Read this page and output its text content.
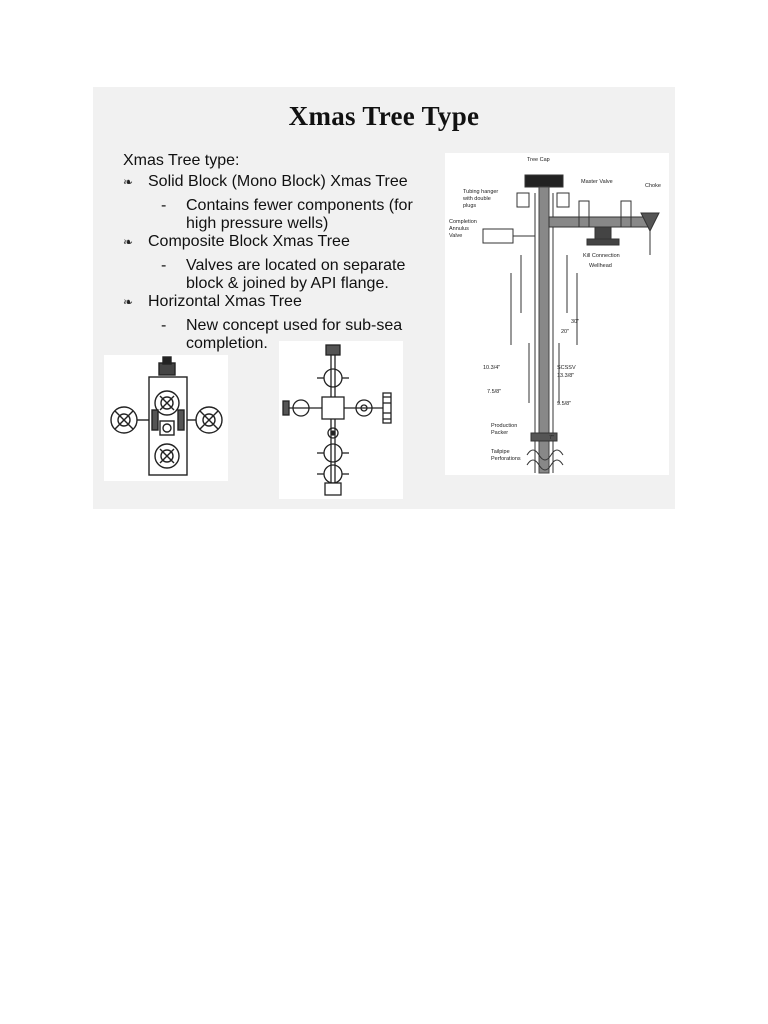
Xmas Tree Type
Xmas Tree type:
❧ Solid Block (Mono Block) Xmas Tree
- Contains fewer components (for
high pressure wells)
❧ Composite Block Xmas Tree
- Valves are located on separate
block & joined by API flange.
❧ Horizontal Xmas Tree
- New concept used for sub-sea
completion.
Tree Cap
Master Valve
Choke
Tubing hanger
with double
plugs
Completion
Annulus
Valve
Kill Connection
Wellhead
30"
20"
10.3/4"	SCSSV
13.3/8"
7.5/8"
9.5/8"
Production
Packer
7"
Tailpipe
Perforations
